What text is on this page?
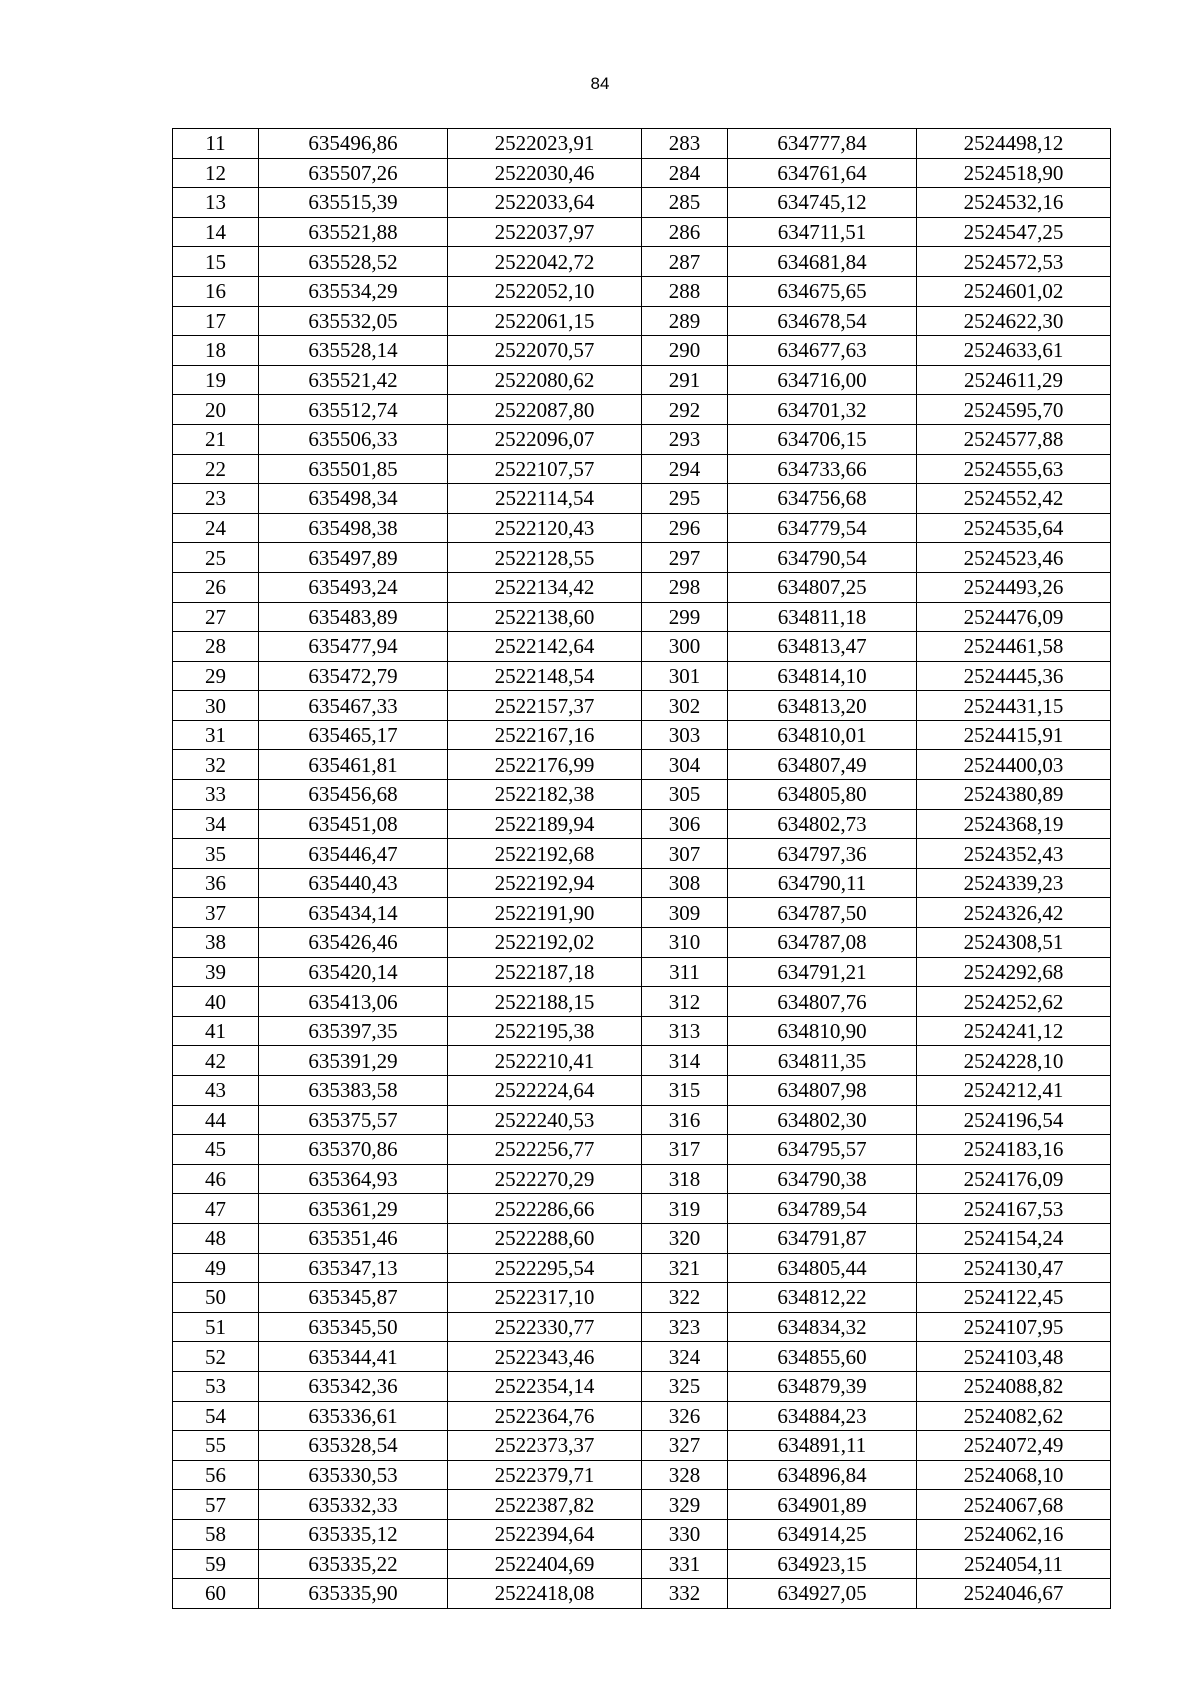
84
11	635496,86	2522023,91	283	634777,84	2524498,12
12	635507,26	2522030,46	284	634761,64	2524518,90
13	635515,39	2522033,64	285	634745,12	2524532,16
14	635521,88	2522037,97	286	634711,51	2524547,25
15	635528,52	2522042,72	287	634681,84	2524572,53
16	635534,29	2522052,10	288	634675,65	2524601,02
17	635532,05	2522061,15	289	634678,54	2524622,30
18	635528,14	2522070,57	290	634677,63	2524633,61
19	635521,42	2522080,62	291	634716,00	2524611,29
20	635512,74	2522087,80	292	634701,32	2524595,70
21	635506,33	2522096,07	293	634706,15	2524577,88
22	635501,85	2522107,57	294	634733,66	2524555,63
23	635498,34	2522114,54	295	634756,68	2524552,42
24	635498,38	2522120,43	296	634779,54	2524535,64
25	635497,89	2522128,55	297	634790,54	2524523,46
26	635493,24	2522134,42	298	634807,25	2524493,26
27	635483,89	2522138,60	299	634811,18	2524476,09
28	635477,94	2522142,64	300	634813,47	2524461,58
29	635472,79	2522148,54	301	634814,10	2524445,36
30	635467,33	2522157,37	302	634813,20	2524431,15
31	635465,17	2522167,16	303	634810,01	2524415,91
32	635461,81	2522176,99	304	634807,49	2524400,03
33	635456,68	2522182,38	305	634805,80	2524380,89
34	635451,08	2522189,94	306	634802,73	2524368,19
35	635446,47	2522192,68	307	634797,36	2524352,43
36	635440,43	2522192,94	308	634790,11	2524339,23
37	635434,14	2522191,90	309	634787,50	2524326,42
38	635426,46	2522192,02	310	634787,08	2524308,51
39	635420,14	2522187,18	311	634791,21	2524292,68
40	635413,06	2522188,15	312	634807,76	2524252,62
41	635397,35	2522195,38	313	634810,90	2524241,12
42	635391,29	2522210,41	314	634811,35	2524228,10
43	635383,58	2522224,64	315	634807,98	2524212,41
44	635375,57	2522240,53	316	634802,30	2524196,54
45	635370,86	2522256,77	317	634795,57	2524183,16
46	635364,93	2522270,29	318	634790,38	2524176,09
47	635361,29	2522286,66	319	634789,54	2524167,53
48	635351,46	2522288,60	320	634791,87	2524154,24
49	635347,13	2522295,54	321	634805,44	2524130,47
50	635345,87	2522317,10	322	634812,22	2524122,45
51	635345,50	2522330,77	323	634834,32	2524107,95
52	635344,41	2522343,46	324	634855,60	2524103,48
53	635342,36	2522354,14	325	634879,39	2524088,82
54	635336,61	2522364,76	326	634884,23	2524082,62
55	635328,54	2522373,37	327	634891,11	2524072,49
56	635330,53	2522379,71	328	634896,84	2524068,10
57	635332,33	2522387,82	329	634901,89	2524067,68
58	635335,12	2522394,64	330	634914,25	2524062,16
59	635335,22	2522404,69	331	634923,15	2524054,11
60	635335,90	2522418,08	332	634927,05	2524046,67
